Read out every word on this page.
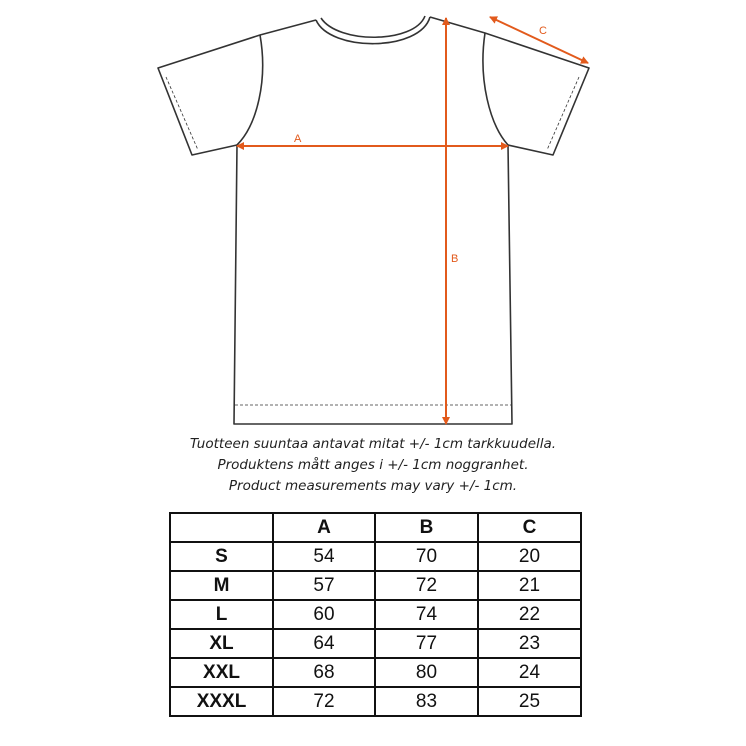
A
B
C
Tuotteen suuntaa antavat mitat +/- 1cm tarkkuudella.
Produktens mått anges i +/- 1cm noggranhet.
Product measurements may vary +/- 1cm.
	A	B	C
S	54	70	20
M	57	72	21
L	60	74	22
XL	64	77	23
XXL	68	80	24
XXXL	72	83	25
